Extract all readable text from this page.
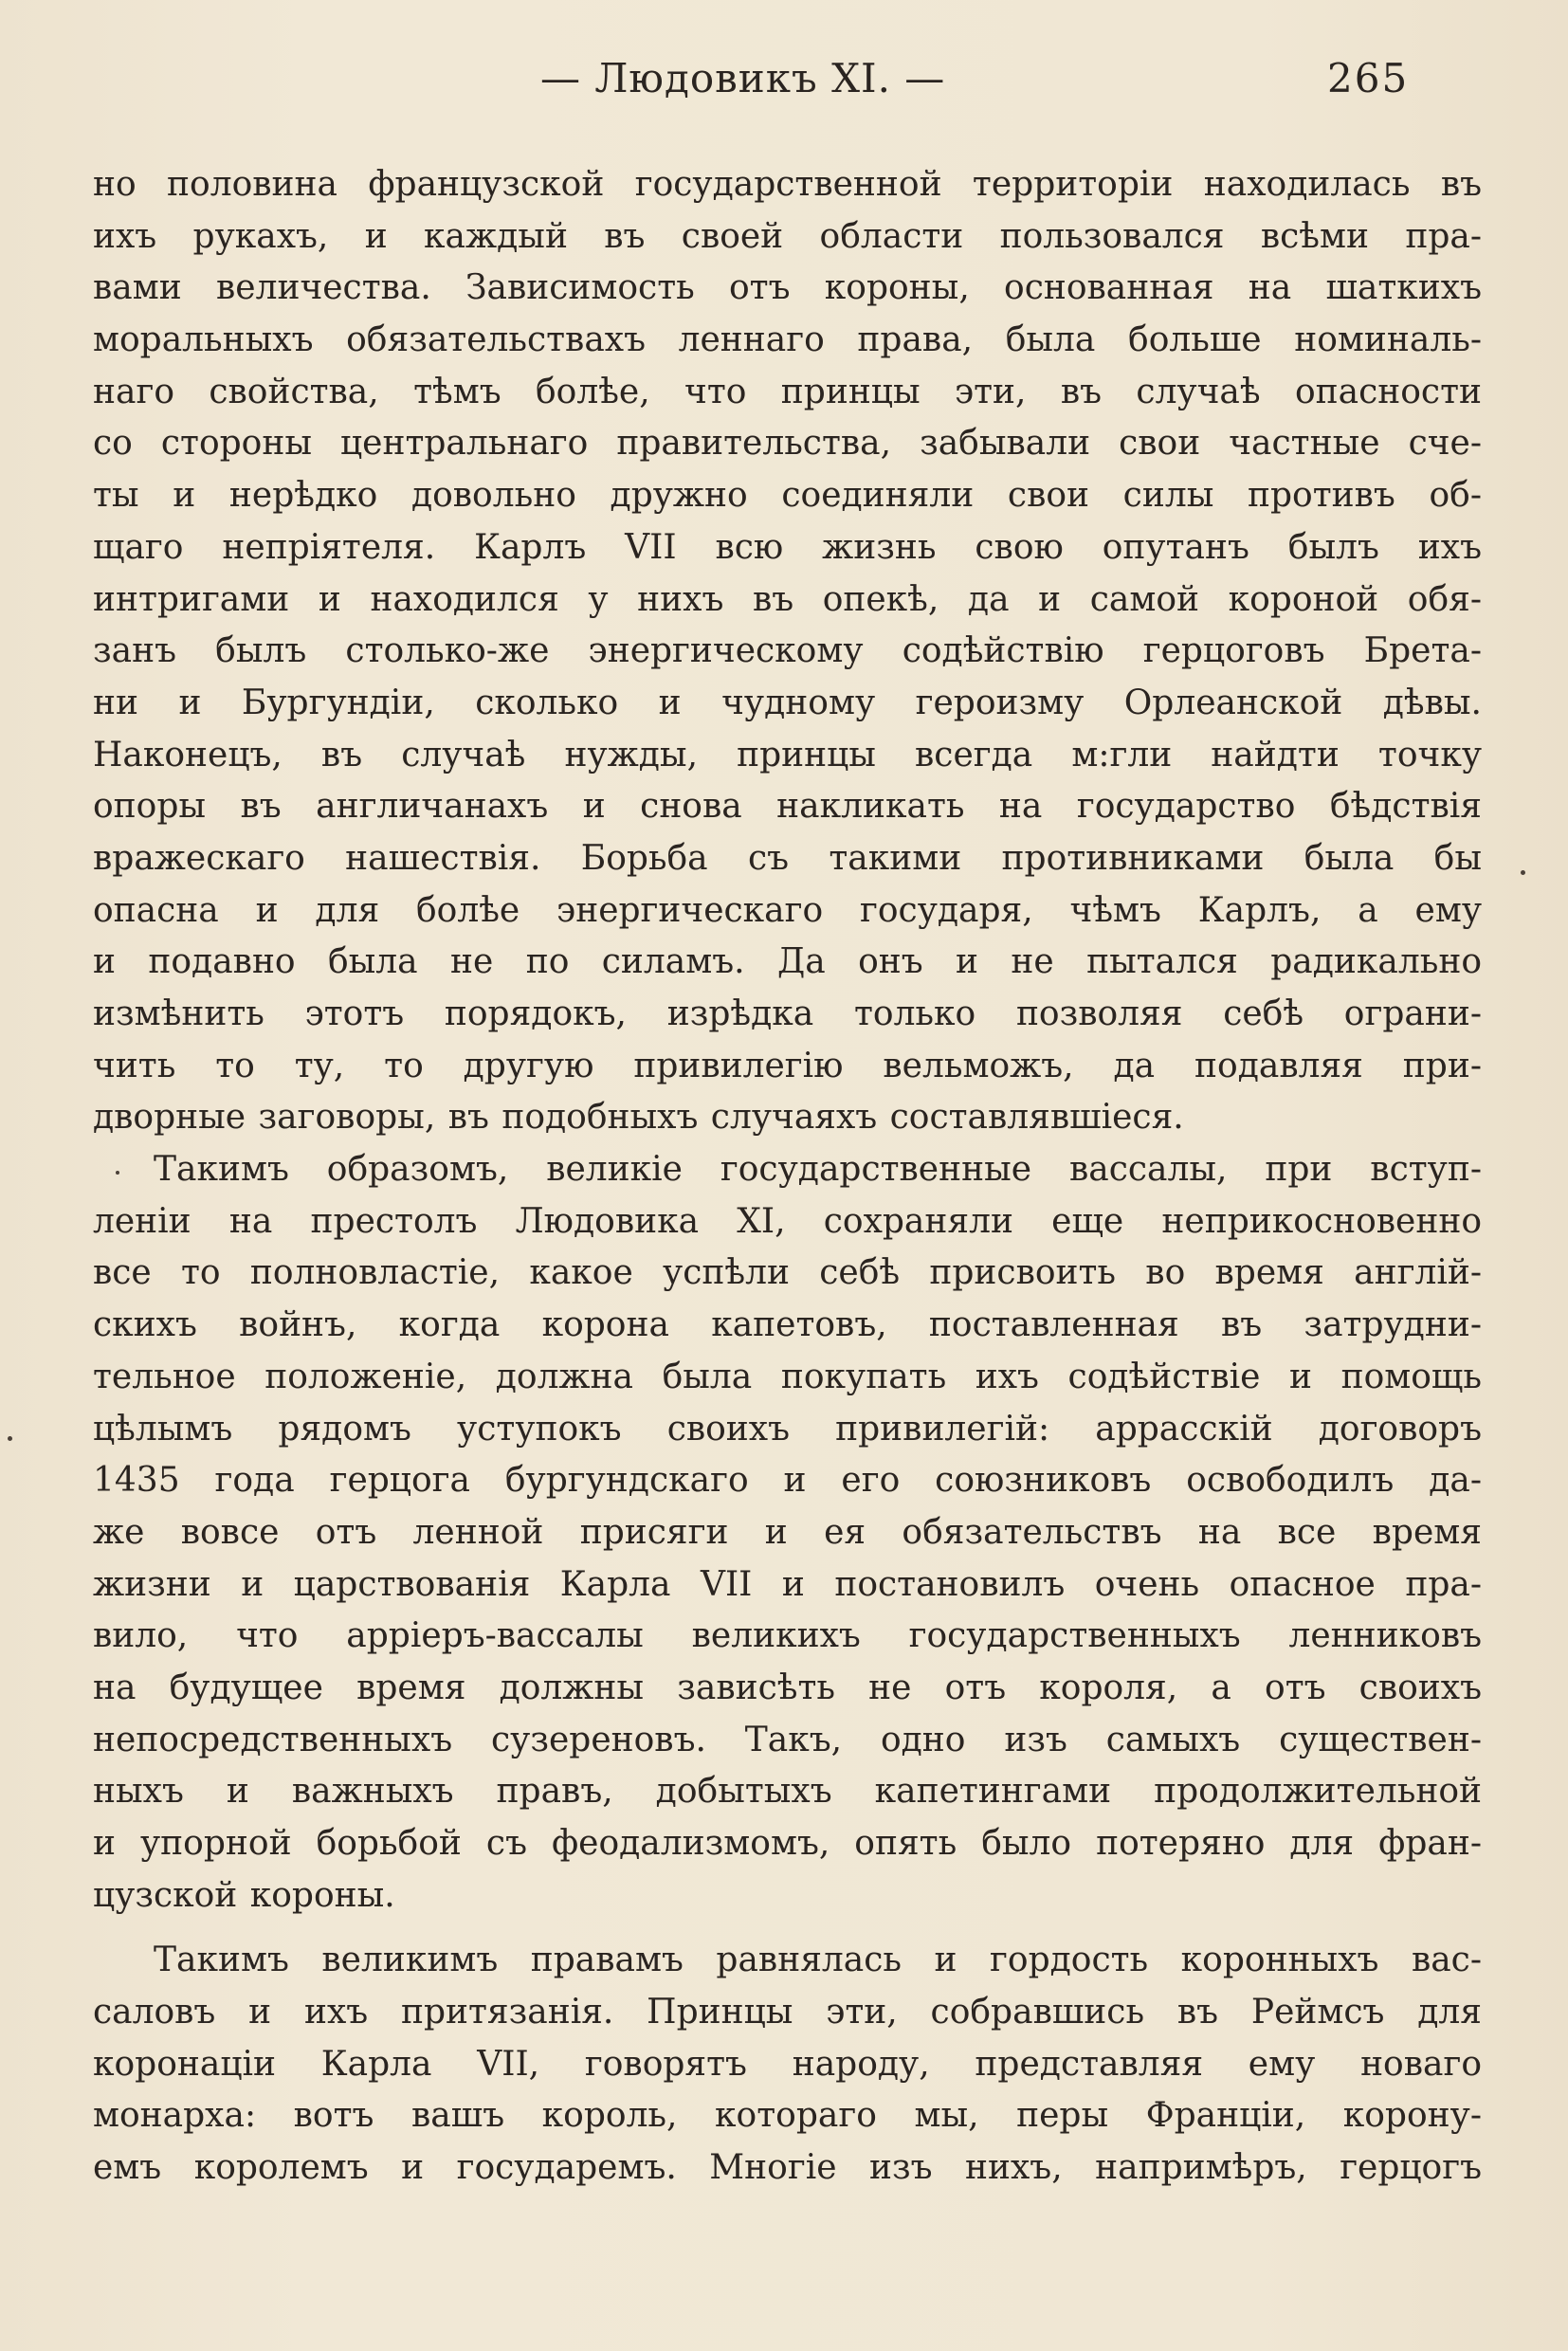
— Людовикъ XI. —	265
но половина французской государственной территорiи находилась въ
ихъ рукахъ, и каждый въ своей области пользовался всѣми пра-
вами величества. Зависимость отъ короны, основанная на шаткихъ
моральныхъ обязательствахъ леннаго права, была больше номиналь-
наго свойства, тѣмъ болѣе, что принцы эти, въ случаѣ опасности
со стороны центральнаго правительства, забывали свои частные сче-
ты и нерѣдко довольно дружно соединяли свои силы противъ об-
щаго непрiятеля. Карлъ VII всю жизнь свою опутанъ былъ ихъ
интригами и находился у нихъ въ опекѣ, да и самой короной обя-
занъ былъ столько-же энергическому содѣйствiю герцоговъ Брета-
ни и Бургундiи, сколько и чудному героизму Орлеанской дѣвы.
Наконецъ, въ случаѣ нужды, принцы всегда м:гли найдти точку
опоры въ англичанахъ и снова накликать на государство бѣдствiя
вражескаго нашествiя. Борьба съ такими противниками была бы
опасна и для болѣе энергическаго государя, чѣмъ Карлъ, а ему
и подавно была не по силамъ. Да онъ и не пытался радикально
измѣнить этотъ порядокъ, изрѣдка только позволяя себѣ ограни-
чить то ту, то другую привилегiю вельможъ, да подавляя при-
дворные заговоры, въ подобныхъ случаяхъ составлявшiеся.
Такимъ образомъ, великiе государственные вассалы, при вступ-
ленiи на престолъ Людовика XI, сохраняли еще неприкосновенно
все то полновластiе, какое успѣли себѣ присвоить во время англiй-
скихъ войнъ, когда корона капетовъ, поставленная въ затрудни-
тельное положенiе, должна была покупать ихъ содѣйствiе и помощь
цѣлымъ рядомъ уступокъ своихъ привилегiй: аррасскiй договоръ
1435 года герцога бургундскаго и его союзниковъ освободилъ да-
же вовсе отъ ленной присяги и ея обязательствъ на все время
жизни и царствованiя Карла VII и постановилъ очень опасное пра-
вило, что аррiеръ-вассалы великихъ государственныхъ ленниковъ
на будущее время должны зависѣть не отъ короля, а отъ своихъ
непосредственныхъ сузереновъ. Такъ, одно изъ самыхъ существен-
ныхъ и важныхъ правъ, добытыхъ капетингами продолжительной
и упорной борьбой съ феодализмомъ, опять было потеряно для фран-
цузской короны.
Такимъ великимъ правамъ равнялась и гордость коронныхъ вас-
саловъ и ихъ притязанiя. Принцы эти, собравшись въ Реймсъ для
коронацiи Карла VII, говорятъ народу, представляя ему новаго
монарха: вотъ вашъ король, котораго мы, перы Францiи, корону-
емъ королемъ и государемъ. Многiе изъ нихъ, напримѣръ, герцогъ
